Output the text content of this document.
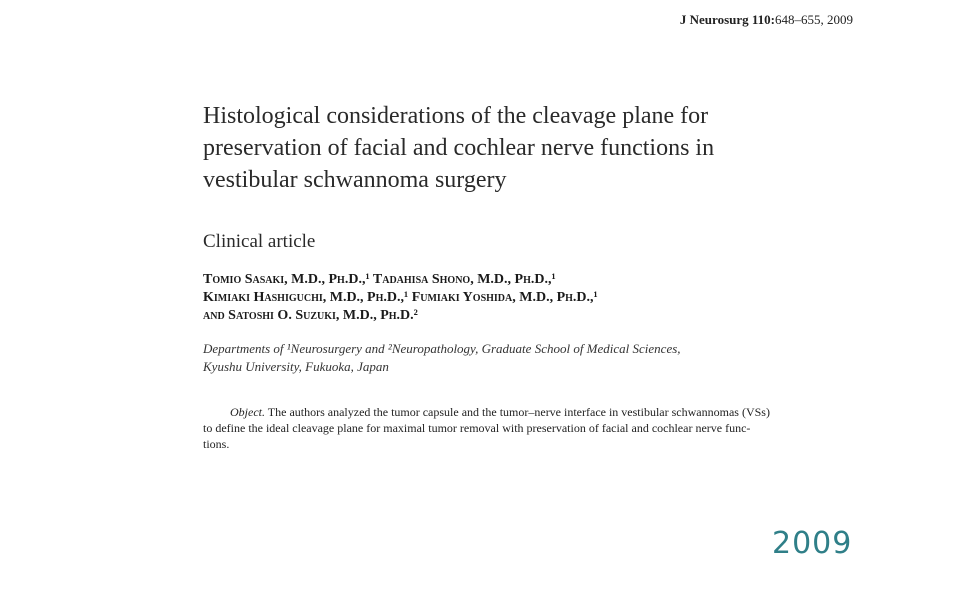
J Neurosurg 110:648–655, 2009
Histological considerations of the cleavage plane for
preservation of facial and cochlear nerve functions in
vestibular schwannoma surgery
Clinical article
Tomio Sasaki, M.D., Ph.D.,¹ Tadahisa Shono, M.D., Ph.D.,¹
Kimiaki Hashiguchi, M.D., Ph.D.,¹ Fumiaki Yoshida, M.D., Ph.D.,¹
and Satoshi O. Suzuki, M.D., Ph.D.²
Departments of ¹Neurosurgery and ²Neuropathology, Graduate School of Medical Sciences,
Kyushu University, Fukuoka, Japan
Object. The authors analyzed the tumor capsule and the tumor–nerve interface in vestibular schwannomas (VSs)
to define the ideal cleavage plane for maximal tumor removal with preservation of facial and cochlear nerve func-
tions.
2009
